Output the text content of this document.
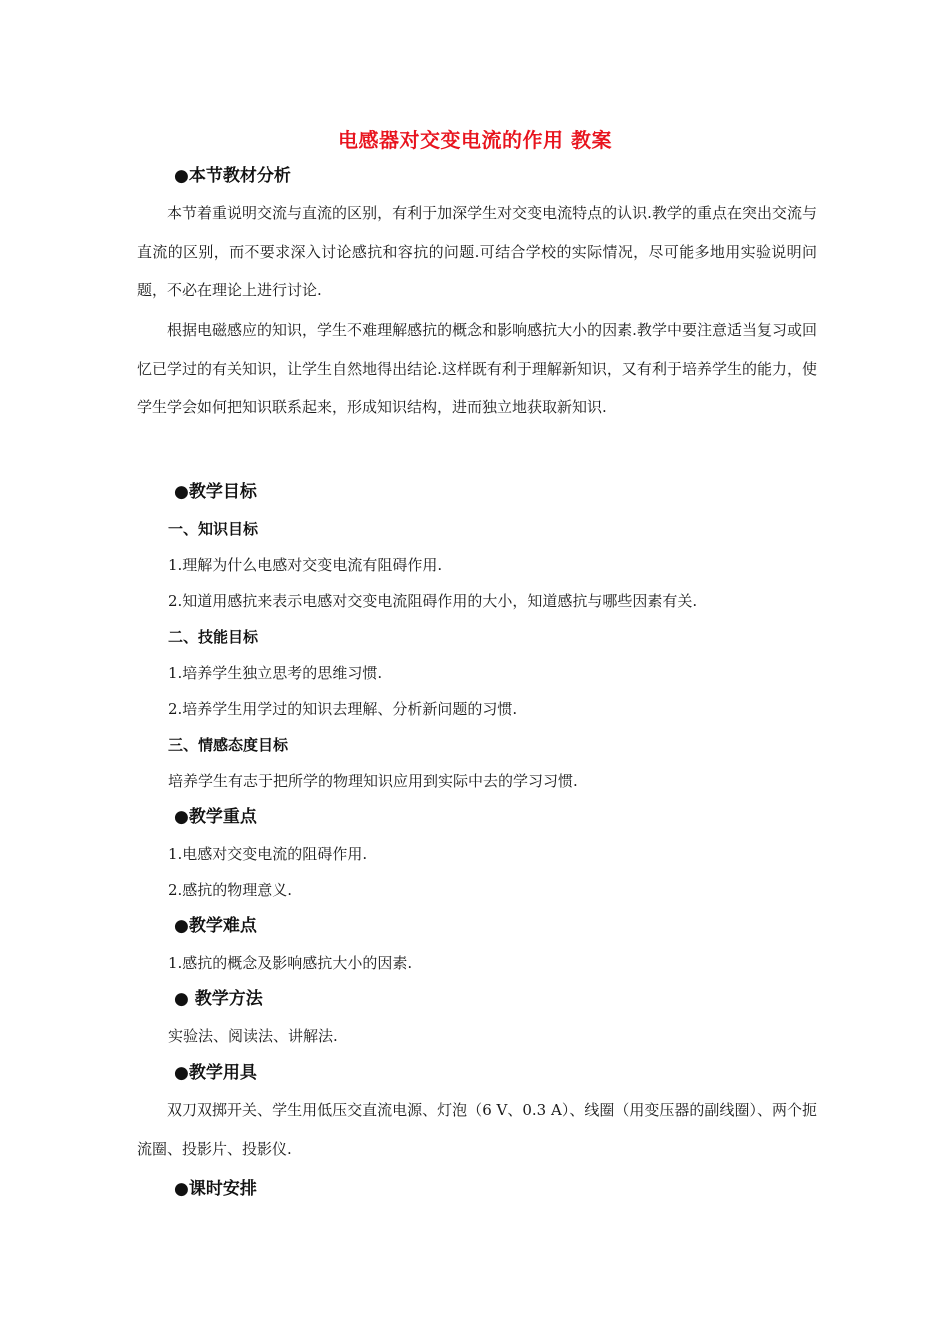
电感器对交变电流的作用 教案
●本节教材分析
本节着重说明交流与直流的区别，有利于加深学生对交变电流特点的认识.教学的重点在突出交流与直流的区别，而不要求深入讨论感抗和容抗的问题.可结合学校的实际情况，尽可能多地用实验说明问题，不必在理论上进行讨论.
根据电磁感应的知识，学生不难理解感抗的概念和影响感抗大小的因素.教学中要注意适当复习或回忆已学过的有关知识，让学生自然地得出结论.这样既有利于理解新知识，又有利于培养学生的能力，使学生学会如何把知识联系起来，形成知识结构，进而独立地获取新知识.
●教学目标
一、知识目标
1.理解为什么电感对交变电流有阻碍作用.
2.知道用感抗来表示电感对交变电流阻碍作用的大小，知道感抗与哪些因素有关.
二、技能目标
1.培养学生独立思考的思维习惯.
2.培养学生用学过的知识去理解、分析新问题的习惯.
三、情感态度目标
培养学生有志于把所学的物理知识应用到实际中去的学习习惯.
●教学重点
1.电感对交变电流的阻碍作用.
2.感抗的物理意义.
●教学难点
1.感抗的概念及影响感抗大小的因素.
● 教学方法
实验法、阅读法、讲解法.
●教学用具
双刀双掷开关、学生用低压交直流电源、灯泡（6 V、0.3 A）、线圈（用变压器的副线圈）、两个扼流圈、投影片、投影仪.
●课时安排
